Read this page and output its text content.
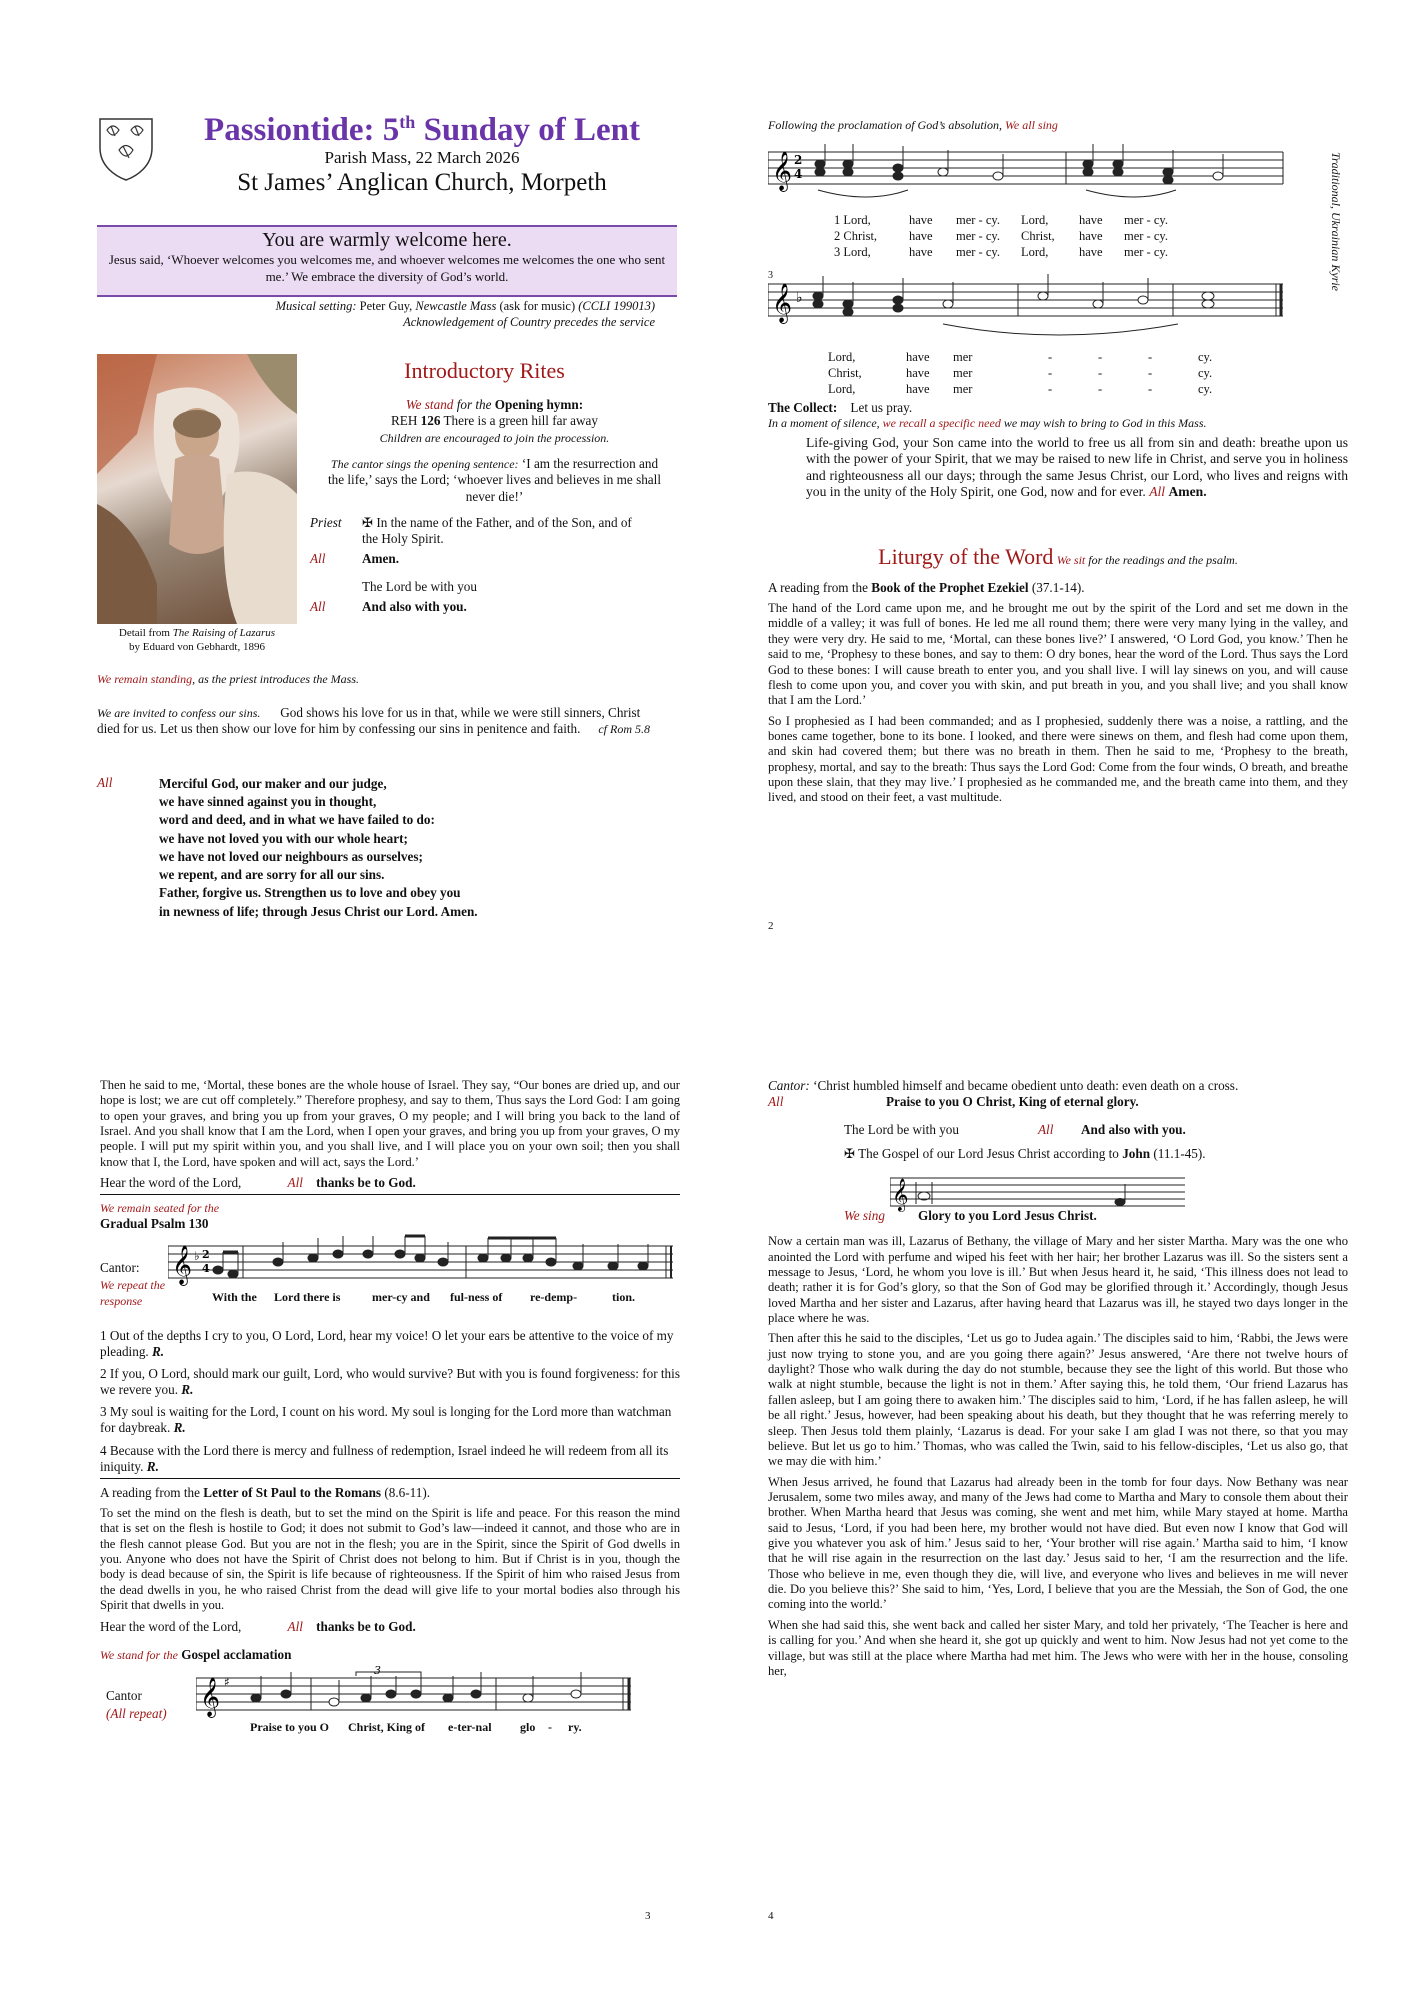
Passiontide: 5th Sunday of Lent
Parish Mass, 22 March 2026
St James’ Anglican Church, Morpeth
You are warmly welcome here.
Jesus said, ‘Whoever welcomes you welcomes me, and whoever welcomes me welcomes the one who sent me.’ We embrace the diversity of God’s world.
Musical setting: Peter Guy, Newcastle Mass (ask for music) (CCLI 199013)
Acknowledgement of Country precedes the service
Detail from The Raising of Lazarus
by Eduard von Gebhardt, 1896
Introductory Rites
We stand for the Opening hymn:
REH 126 There is a green hill far away
Children are encouraged to join the procession.
The cantor sings the opening sentence: ‘I am the resurrection and the life,’ says the Lord; ‘whoever lives and believes in me shall never die!’
Priest ✠ In the name of the Father, and of the Son, and of the Holy Spirit.
All	Amen.
The Lord be with you
All	And also with you.
We remain standing, as the priest introduces the Mass.
We are invited to confess our sins. God shows his love for us in that, while we were still sinners, Christ died for us. Let us then show our love for him by confessing our sins in penitence and faith.	cf Rom 5.8
All	Merciful God, our maker and our judge,
we have sinned against you in thought,
word and deed, and in what we have failed to do:
we have not loved you with our whole heart;
we have not loved our neighbours as ourselves;
we repent, and are sorry for all our sins.
Father, forgive us. Strengthen us to love and obey you
in newness of life; through Jesus Christ our Lord. Amen.
Following the proclamation of God’s absolution, We all sing
Traditional, Ukrainian Kyrie
𝄞 2
4
1 Lord,	have mer - cy. Lord, have mer - cy.
2 Christ,	have mer - cy. Christ, have mer - cy.
3 Lord,	have mer - cy. Lord, have mer - cy.
3
𝄞 ♭
Lord,	have mer	-	-	-	cy.
Christ,	have mer	-	-	-	cy.
Lord,	have mer	-	-	-	cy.
The Collect: Let us pray.
In a moment of silence, we recall a specific need we may wish to bring to God in this Mass.

Life-giving God, your Son came into the world to free us all from sin and death: breathe upon us with the power of your Spirit, that we may be raised to new life in Christ, and serve you in holiness and righteousness all our days; through the same Jesus Christ, our Lord, who lives and reigns with you in the unity of the Holy Spirit, one God, now and for ever. All Amen.

Liturgy of the Word We sit for the readings and the psalm.
A reading from the Book of the Prophet Ezekiel (37.1-14).

The hand of the Lord came upon me, and he brought me out by the spirit of the Lord and set me down in the middle of a valley; it was full of bones. He led me all round them; there were very many lying in the valley, and they were very dry. He said to me, ‘Mortal, can these bones live?’ I answered, ‘O Lord God, you know.’ Then he said to me, ‘Prophesy to these bones, and say to them: O dry bones, hear the word of the Lord. Thus says the Lord God to these bones: I will cause breath to enter you, and you shall live. I will lay sinews on you, and will cause flesh to come upon you, and cover you with skin, and put breath in you, and you shall live; and you shall know that I am the Lord.’

So I prophesied as I had been commanded; and as I prophesied, suddenly there was a noise, a rattling, and the bones came together, bone to its bone. I looked, and there were sinews on them, and flesh had come upon them, and skin had covered them; but there was no breath in them. Then he said to me, ‘Prophesy to the breath, prophesy, mortal, and say to the breath: Thus says the Lord God: Come from the four winds, O breath, and breathe upon these slain, that they may live.’ I prophesied as he commanded me, and the breath came into them, and they lived, and stood on their feet, a vast multitude.

2

Then he said to me, ‘Mortal, these bones are the whole house of Israel. They say, “Our bones are dried up, and our hope is lost; we are cut off completely.” Therefore prophesy, and say to them, Thus says the Lord God: I am going to open your graves, and bring you up from your graves, O my people; and I will bring you back to the land of Israel. And you shall know that I am the Lord, when I open your graves, and bring you up from your graves, O my people. I will put my spirit within you, and you shall live, and I will place you on your own soil; then you shall know that I, the Lord, have spoken and will act, says the Lord.’

Hear the word of the Lord,	All thanks be to God.
We remain seated for the
Gradual Psalm 130
Cantor:
We repeat the response
𝄞 ♭ 2
4
With the Lord there is	mer-cy and ful-ness of re-demp-	tion.

1 Out of the depths I cry to you, O Lord, Lord, hear my voice! O let your ears be attentive to the voice of my pleading. R.

2 If you, O Lord, should mark our guilt, Lord, who would survive? But with you is found forgiveness: for this we revere you. R.

3 My soul is waiting for the Lord, I count on his word. My soul is longing for the Lord more than watchman for daybreak. R.

4 Because with the Lord there is mercy and fullness of redemption, Israel indeed he will redeem from all its iniquity. R.

A reading from the Letter of St Paul to the Romans (8.6-11).

To set the mind on the flesh is death, but to set the mind on the Spirit is life and peace. For this reason the mind that is set on the flesh is hostile to God; it does not submit to God’s law—indeed it cannot, and those who are in the flesh cannot please God. But you are not in the flesh; you are in the Spirit, since the Spirit of God dwells in you. Anyone who does not have the Spirit of Christ does not belong to him. But if Christ is in you, though the body is dead because of sin, the Spirit is life because of righteousness. If the Spirit of him who raised Jesus from the dead dwells in you, he who raised Christ from the dead will give life to your mortal bodies also through his Spirit that dwells in you.

Hear the word of the Lord,	All thanks be to God.
We stand for the Gospel acclamation
Cantor
(All repeat) 𝄞 ♯
3
Praise to you O Christ, King of e-ter-nal glo - ry.
3
Cantor: ‘Christ humbled himself and became obedient unto death: even death on a cross.
All	Praise to you O Christ, King of eternal glory.
The Lord be with you	All And also with you.
✠ The Gospel of our Lord Jesus Christ according to John (11.1-45).
𝄞
We sing	Glory to you Lord Jesus Christ.

Now a certain man was ill, Lazarus of Bethany, the village of Mary and her sister Martha. Mary was the one who anointed the Lord with perfume and wiped his feet with her hair; her brother Lazarus was ill. So the sisters sent a message to Jesus, ‘Lord, he whom you love is ill.’ But when Jesus heard it, he said, ‘This illness does not lead to death; rather it is for God’s glory, so that the Son of God may be glorified through it.’ Accordingly, though Jesus loved Martha and her sister and Lazarus, after having heard that Lazarus was ill, he stayed two days longer in the place where he was.

Then after this he said to the disciples, ‘Let us go to Judea again.’ The disciples said to him, ‘Rabbi, the Jews were just now trying to stone you, and are you going there again?’ Jesus answered, ‘Are there not twelve hours of daylight? Those who walk during the day do not stumble, because they see the light of this world. But those who walk at night stumble, because the light is not in them.’ After saying this, he told them, ‘Our friend Lazarus has fallen asleep, but I am going there to awaken him.’ The disciples said to him, ‘Lord, if he has fallen asleep, he will be all right.’ Jesus, however, had been speaking about his death, but they thought that he was referring merely to sleep. Then Jesus told them plainly, ‘Lazarus is dead. For your sake I am glad I was not there, so that you may believe. But let us go to him.’ Thomas, who was called the Twin, said to his fellow-disciples, ‘Let us also go, that we may die with him.’

When Jesus arrived, he found that Lazarus had already been in the tomb for four days. Now Bethany was near Jerusalem, some two miles away, and many of the Jews had come to Martha and Mary to console them about their brother. When Martha heard that Jesus was coming, she went and met him, while Mary stayed at home. Martha said to Jesus, ‘Lord, if you had been here, my brother would not have died. But even now I know that God will give you whatever you ask of him.’ Jesus said to her, ‘Your brother will rise again.’ Martha said to him, ‘I know that he will rise again in the resurrection on the last day.’ Jesus said to her, ‘I am the resurrection and the life. Those who believe in me, even though they die, will live, and everyone who lives and believes in me will never die. Do you believe this?’ She said to him, ‘Yes, Lord, I believe that you are the Messiah, the Son of God, the one coming into the world.’

When she had said this, she went back and called her sister Mary, and told her privately, ‘The Teacher is here and is calling for you.’ And when she heard it, she got up quickly and went to him. Now Jesus had not yet come to the village, but was still at the place where Martha had met him. The Jews who were with her in the house, consoling her,

4
